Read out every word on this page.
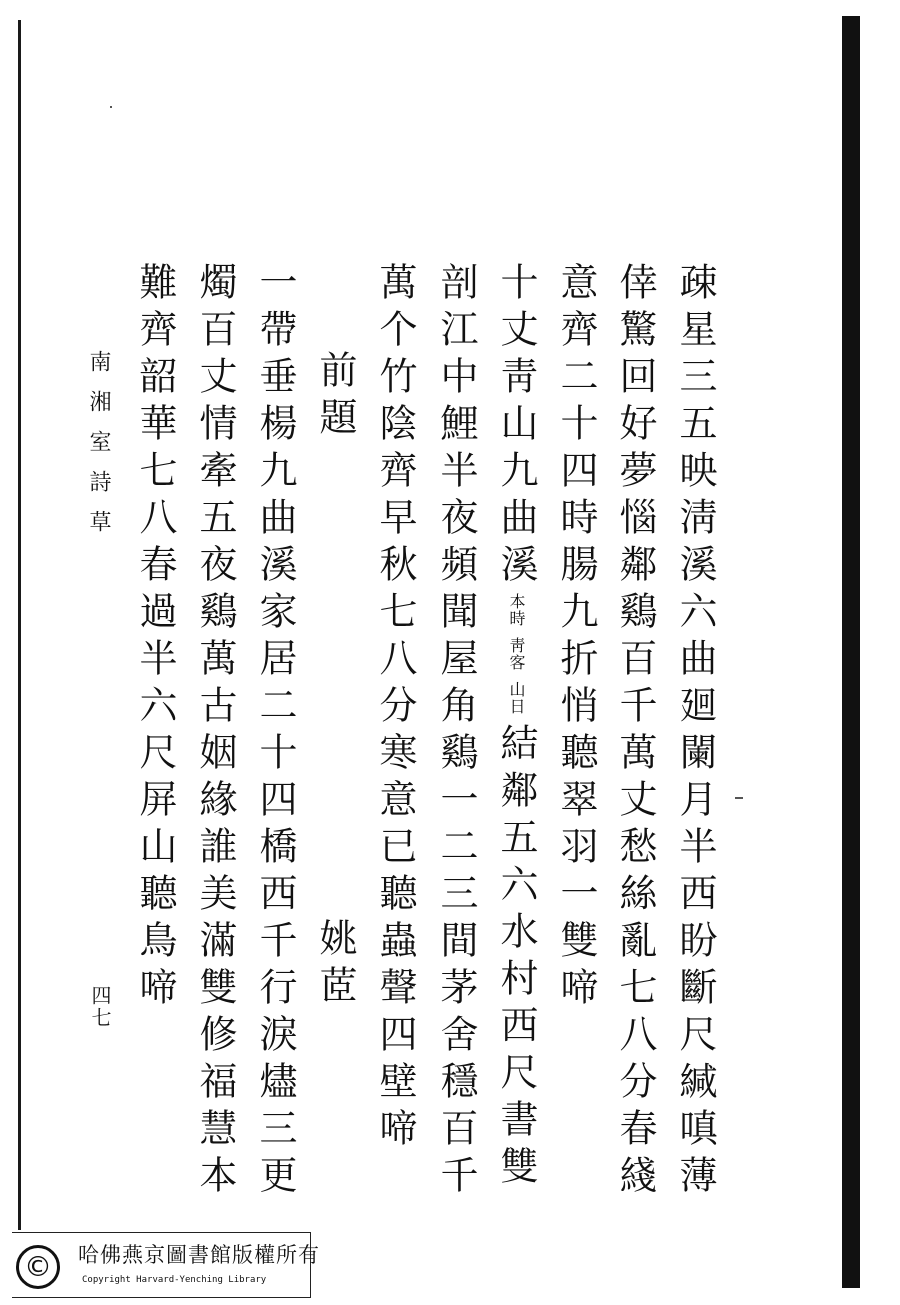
南湘室詩草
四七	疎星三五映淸溪六曲廻闌月半西盼斷尺緘嗔薄
倖驚回好夢惱鄰鷄百千萬丈愁絲亂七八分春綫
意齊二十四時腸九折悄聽翠羽一雙啼
十丈靑山九曲溪本時靑客山日結鄰五六水村西尺書雙
剖江中鯉半夜頻聞屋角鷄一二三間茅舍穩百千
萬个竹陰齊早秋七八分寒意已聽蟲聲四壁啼
前題
姚茝
一帶垂楊九曲溪家居二十四橋西千行淚燼三更
燭百丈情牽五夜鷄萬古姻緣誰美滿雙修福慧本
難齊韶華七八春過半六尺屏山聽鳥啼
©	哈佛燕京圖書館版權所有
Copyright Harvard-Yenching Library
